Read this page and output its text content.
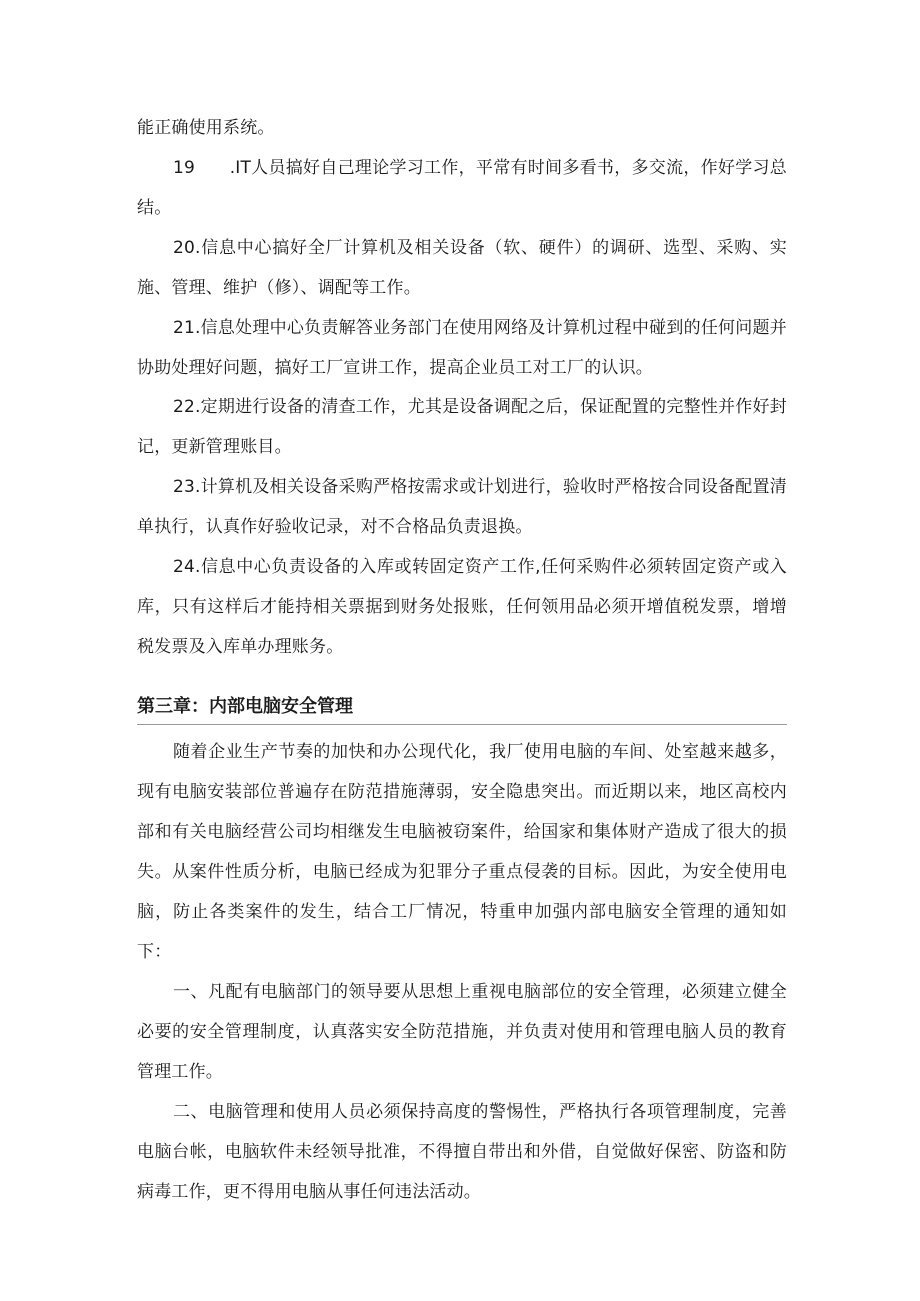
能正确使用系统。

19　　.IT人员搞好自己理论学习工作，平常有时间多看书，多交流，作好学习总结。

20.信息中心搞好全厂计算机及相关设备（软、硬件）的调研、选型、采购、实施、管理、维护（修）、调配等工作。

21.信息处理中心负责解答业务部门在使用网络及计算机过程中碰到的任何问题并协助处理好问题，搞好工厂宣讲工作，提高企业员工对工厂的认识。

22.定期进行设备的清查工作，尤其是设备调配之后，保证配置的完整性并作好封记，更新管理账目。

23.计算机及相关设备采购严格按需求或计划进行，验收时严格按合同设备配置清单执行，认真作好验收记录，对不合格品负责退换。

24.信息中心负责设备的入库或转固定资产工作,任何采购件必须转固定资产或入库，只有这样后才能持相关票据到财务处报账，任何领用品必须开增值税发票，增增税发票及入库单办理账务。

第三章：内部电脑安全管理

随着企业生产节奏的加快和办公现代化，我厂使用电脑的车间、处室越来越多，现有电脑安装部位普遍存在防范措施薄弱，安全隐患突出。而近期以来，地区高校内部和有关电脑经营公司均相继发生电脑被窃案件，给国家和集体财产造成了很大的损失。从案件性质分析，电脑已经成为犯罪分子重点侵袭的目标。因此，为安全使用电脑，防止各类案件的发生，结合工厂情况，特重申加强内部电脑安全管理的通知如下：

一、凡配有电脑部门的领导要从思想上重视电脑部位的安全管理，必须建立健全必要的安全管理制度，认真落实安全防范措施，并负责对使用和管理电脑人员的教育管理工作。

二、电脑管理和使用人员必须保持高度的警惕性，严格执行各项管理制度，完善电脑台帐，电脑软件未经领导批准，不得擅自带出和外借，自觉做好保密、防盗和防病毒工作，更不得用电脑从事任何违法活动。
